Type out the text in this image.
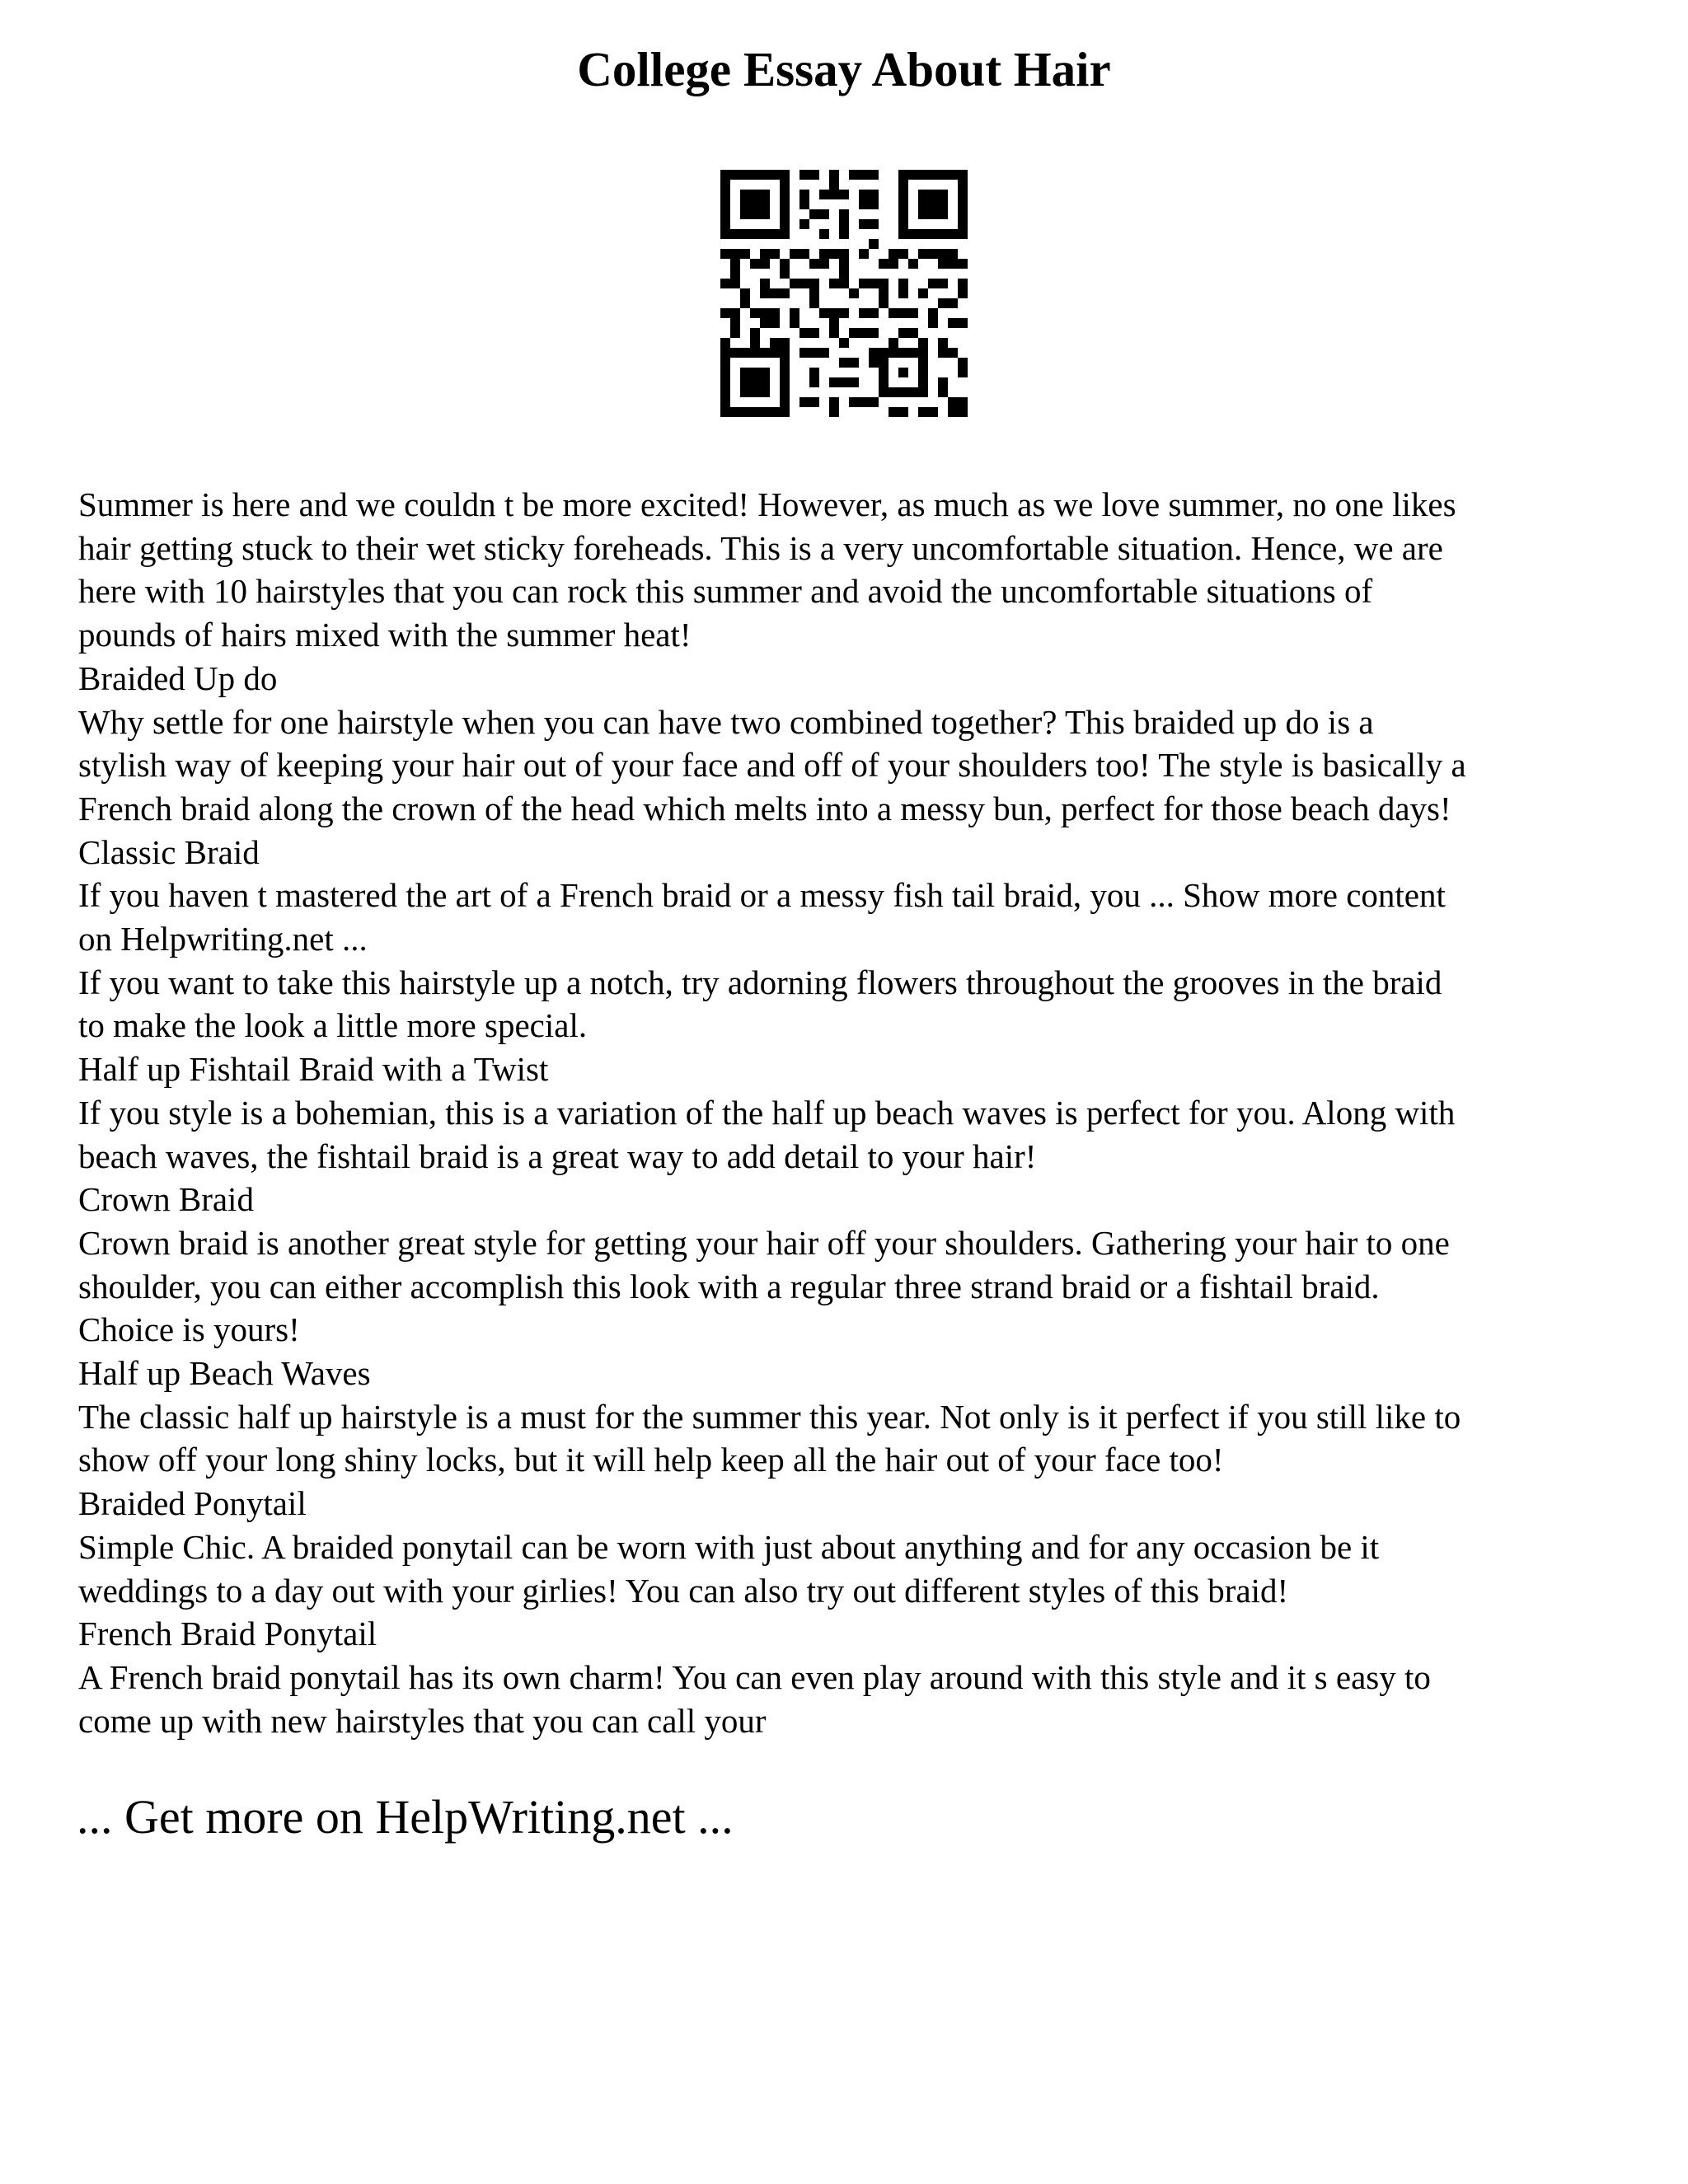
College Essay About Hair
Summer is here and we couldn t be more excited! However, as much as we love summer, no one likes
hair getting stuck to their wet sticky foreheads. This is a very uncomfortable situation. Hence, we are
here with 10 hairstyles that you can rock this summer and avoid the uncomfortable situations of
pounds of hairs mixed with the summer heat!
Braided Up do
Why settle for one hairstyle when you can have two combined together? This braided up do is a
stylish way of keeping your hair out of your face and off of your shoulders too! The style is basically a
French braid along the crown of the head which melts into a messy bun, perfect for those beach days!
Classic Braid
If you haven t mastered the art of a French braid or a messy fish tail braid, you ... Show more content
on Helpwriting.net ...
If you want to take this hairstyle up a notch, try adorning flowers throughout the grooves in the braid
to make the look a little more special.
Half up Fishtail Braid with a Twist
If you style is a bohemian, this is a variation of the half up beach waves is perfect for you. Along with
beach waves, the fishtail braid is a great way to add detail to your hair!
Crown Braid
Crown braid is another great style for getting your hair off your shoulders. Gathering your hair to one
shoulder, you can either accomplish this look with a regular three strand braid or a fishtail braid.
Choice is yours!
Half up Beach Waves
The classic half up hairstyle is a must for the summer this year. Not only is it perfect if you still like to
show off your long shiny locks, but it will help keep all the hair out of your face too!
Braided Ponytail
Simple Chic. A braided ponytail can be worn with just about anything and for any occasion be it
weddings to a day out with your girlies! You can also try out different styles of this braid!
French Braid Ponytail
A French braid ponytail has its own charm! You can even play around with this style and it s easy to
come up with new hairstyles that you can call your
... Get more on HelpWriting.net ...
